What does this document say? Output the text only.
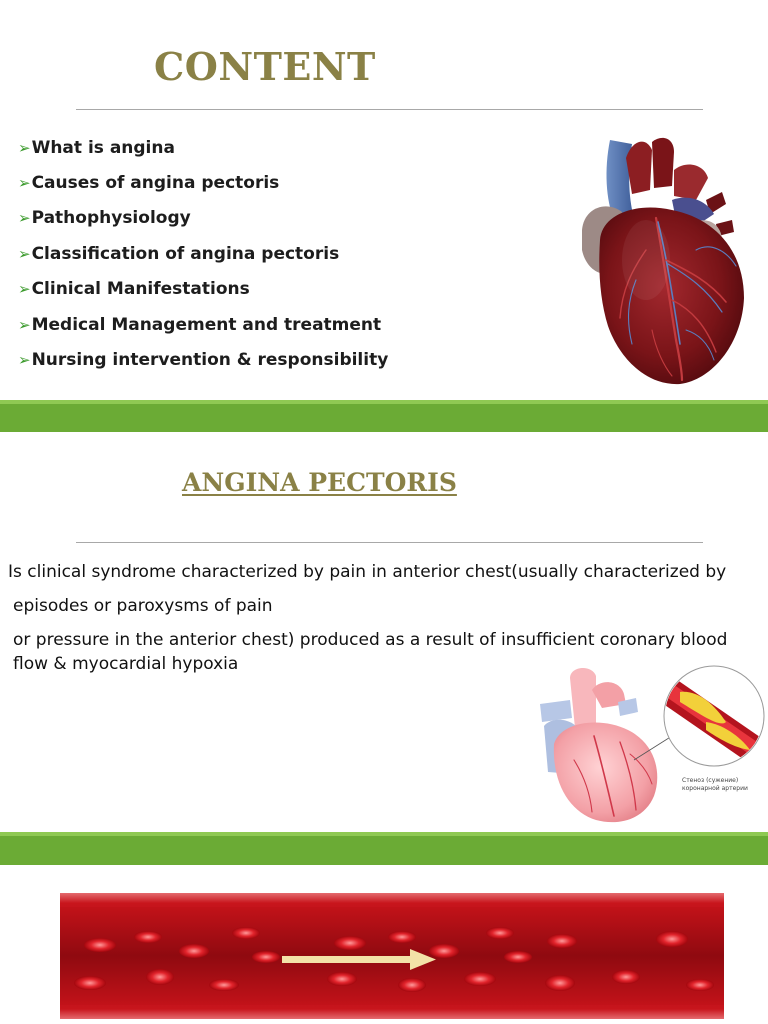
CONTENT
➢ What is angina
➢ Causes of angina pectoris
➢ Pathophysiology
➢ Classification of angina pectoris
➢ Clinical Manifestations
➢ Medical Management and treatment
➢ Nursing intervention & responsibility
ANGINA PECTORIS

Is clinical syndrome characterized by pain in anterior chest(usually characterized by

episodes or paroxysms of pain

or pressure in the anterior chest) produced as a result of insufficient coronary blood flow & myocardial hypoxia

Стеноз (сужение)
коронарной артерии
